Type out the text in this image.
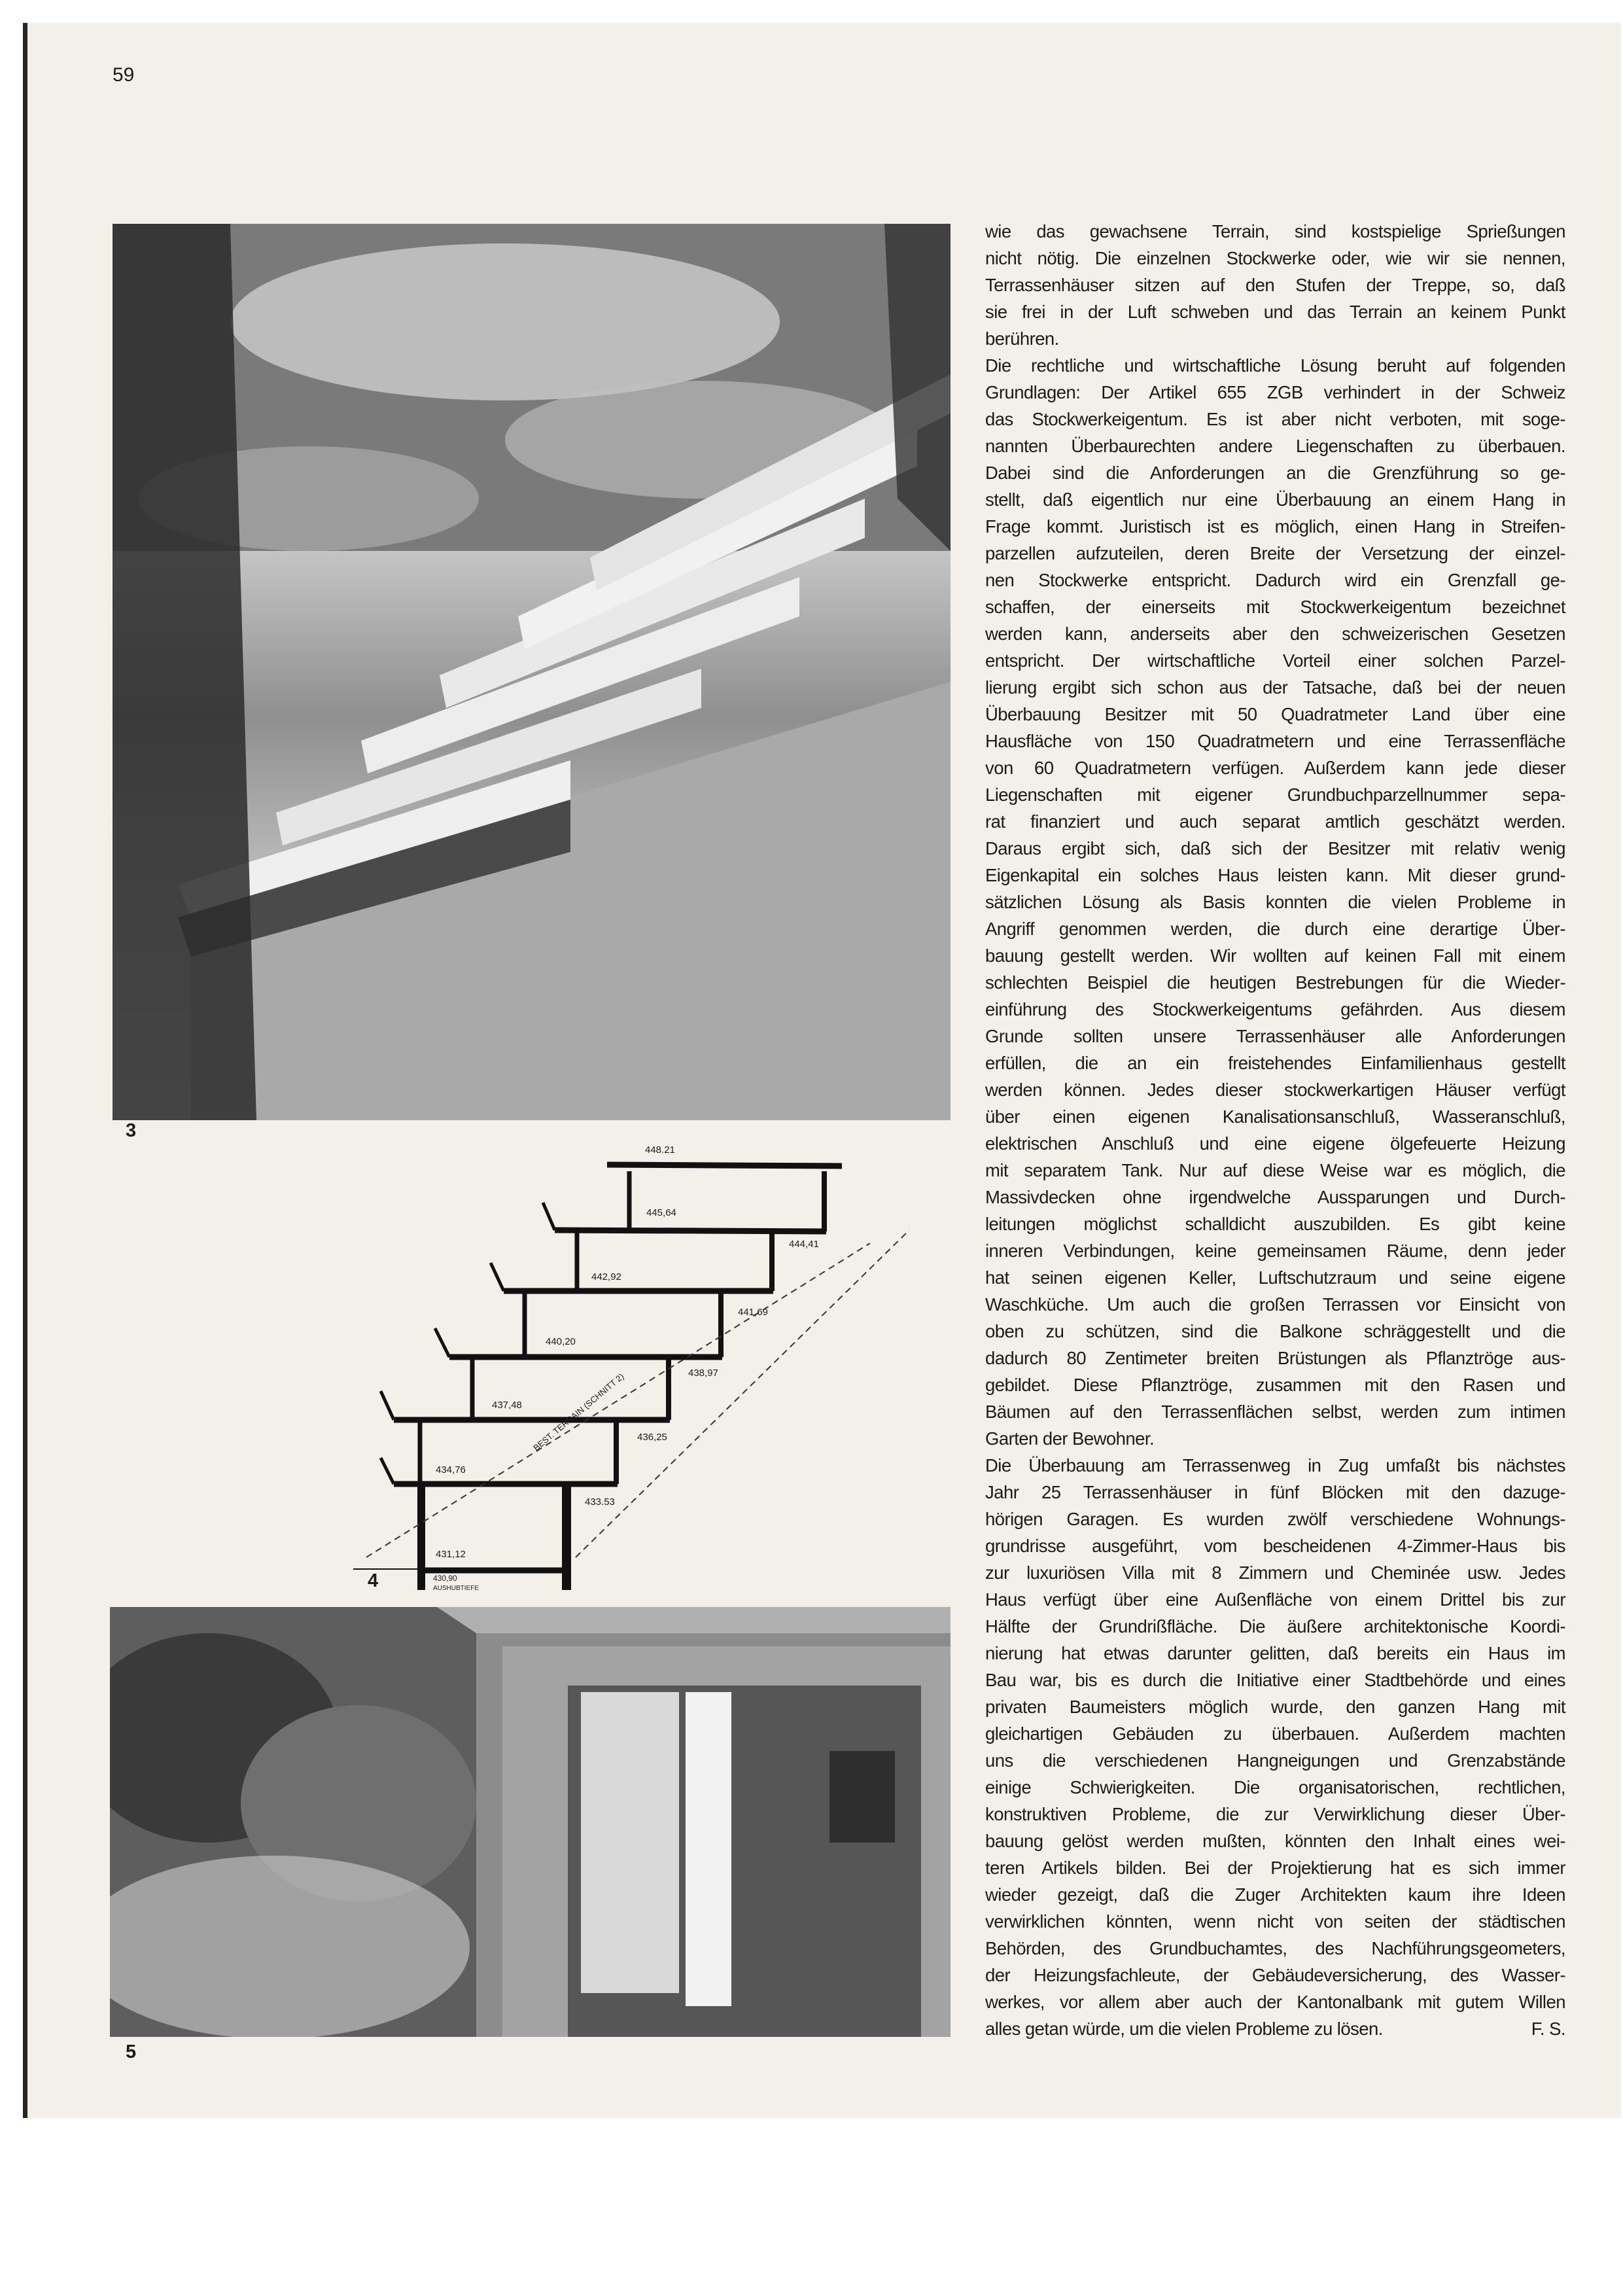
59
3
448.21
445,64
444,41
442,92
441,69
440,20
438,97
437,48
436,25
434,76
433.53
431,12
430,90
AUSHUBTIEFE
BEST. TERRAIN (SCHNITT 2)
4
5
wie das gewachsene Terrain, sind kostspielige Sprießungen
nicht nötig. Die einzelnen Stockwerke oder, wie wir sie nennen,
Terrassenhäuser sitzen auf den Stufen der Treppe, so, daß
sie frei in der Luft schweben und das Terrain an keinem Punkt
berühren.
Die rechtliche und wirtschaftliche Lösung beruht auf folgenden
Grundlagen: Der Artikel 655 ZGB verhindert in der Schweiz
das Stockwerkeigentum. Es ist aber nicht verboten, mit soge-
nannten Überbaurechten andere Liegenschaften zu überbauen.
Dabei sind die Anforderungen an die Grenzführung so ge-
stellt, daß eigentlich nur eine Überbauung an einem Hang in
Frage kommt. Juristisch ist es möglich, einen Hang in Streifen-
parzellen aufzuteilen, deren Breite der Versetzung der einzel-
nen Stockwerke entspricht. Dadurch wird ein Grenzfall ge-
schaffen, der einerseits mit Stockwerkeigentum bezeichnet
werden kann, anderseits aber den schweizerischen Gesetzen
entspricht. Der wirtschaftliche Vorteil einer solchen Parzel-
lierung ergibt sich schon aus der Tatsache, daß bei der neuen
Überbauung Besitzer mit 50 Quadratmeter Land über eine
Hausfläche von 150 Quadratmetern und eine Terrassenfläche
von 60 Quadratmetern verfügen. Außerdem kann jede dieser
Liegenschaften mit eigener Grundbuchparzellnummer sepa-
rat finanziert und auch separat amtlich geschätzt werden.
Daraus ergibt sich, daß sich der Besitzer mit relativ wenig
Eigenkapital ein solches Haus leisten kann. Mit dieser grund-
sätzlichen Lösung als Basis konnten die vielen Probleme in
Angriff genommen werden, die durch eine derartige Über-
bauung gestellt werden. Wir wollten auf keinen Fall mit einem
schlechten Beispiel die heutigen Bestrebungen für die Wieder-
einführung des Stockwerkeigentums gefährden. Aus diesem
Grunde sollten unsere Terrassenhäuser alle Anforderungen
erfüllen, die an ein freistehendes Einfamilienhaus gestellt
werden können. Jedes dieser stockwerkartigen Häuser verfügt
über einen eigenen Kanalisationsanschluß, Wasseranschluß,
elektrischen Anschluß und eine eigene ölgefeuerte Heizung
mit separatem Tank. Nur auf diese Weise war es möglich, die
Massivdecken ohne irgendwelche Aussparungen und Durch-
leitungen möglichst schalldicht auszubilden. Es gibt keine
inneren Verbindungen, keine gemeinsamen Räume, denn jeder
hat seinen eigenen Keller, Luftschutzraum und seine eigene
Waschküche. Um auch die großen Terrassen vor Einsicht von
oben zu schützen, sind die Balkone schräggestellt und die
dadurch 80 Zentimeter breiten Brüstungen als Pflanztröge aus-
gebildet. Diese Pflanztröge, zusammen mit den Rasen und
Bäumen auf den Terrassenflächen selbst, werden zum intimen
Garten der Bewohner.
Die Überbauung am Terrassenweg in Zug umfaßt bis nächstes
Jahr 25 Terrassenhäuser in fünf Blöcken mit den dazuge-
hörigen Garagen. Es wurden zwölf verschiedene Wohnungs-
grundrisse ausgeführt, vom bescheidenen 4-Zimmer-Haus bis
zur luxuriösen Villa mit 8 Zimmern und Cheminée usw. Jedes
Haus verfügt über eine Außenfläche von einem Drittel bis zur
Hälfte der Grundrißfläche. Die äußere architektonische Koordi-
nierung hat etwas darunter gelitten, daß bereits ein Haus im
Bau war, bis es durch die Initiative einer Stadtbehörde und eines
privaten Baumeisters möglich wurde, den ganzen Hang mit
gleichartigen Gebäuden zu überbauen. Außerdem machten
uns die verschiedenen Hangneigungen und Grenzabstände
einige Schwierigkeiten. Die organisatorischen, rechtlichen,
konstruktiven Probleme, die zur Verwirklichung dieser Über-
bauung gelöst werden mußten, könnten den Inhalt eines wei-
teren Artikels bilden. Bei der Projektierung hat es sich immer
wieder gezeigt, daß die Zuger Architekten kaum ihre Ideen
verwirklichen könnten, wenn nicht von seiten der städtischen
Behörden, des Grundbuchamtes, des Nachführungsgeometers,
der Heizungsfachleute, der Gebäudeversicherung, des Wasser-
werkes, vor allem aber auch der Kantonalbank mit gutem Willen
alles getan würde, um die vielen Probleme zu lösen.	F. S.
